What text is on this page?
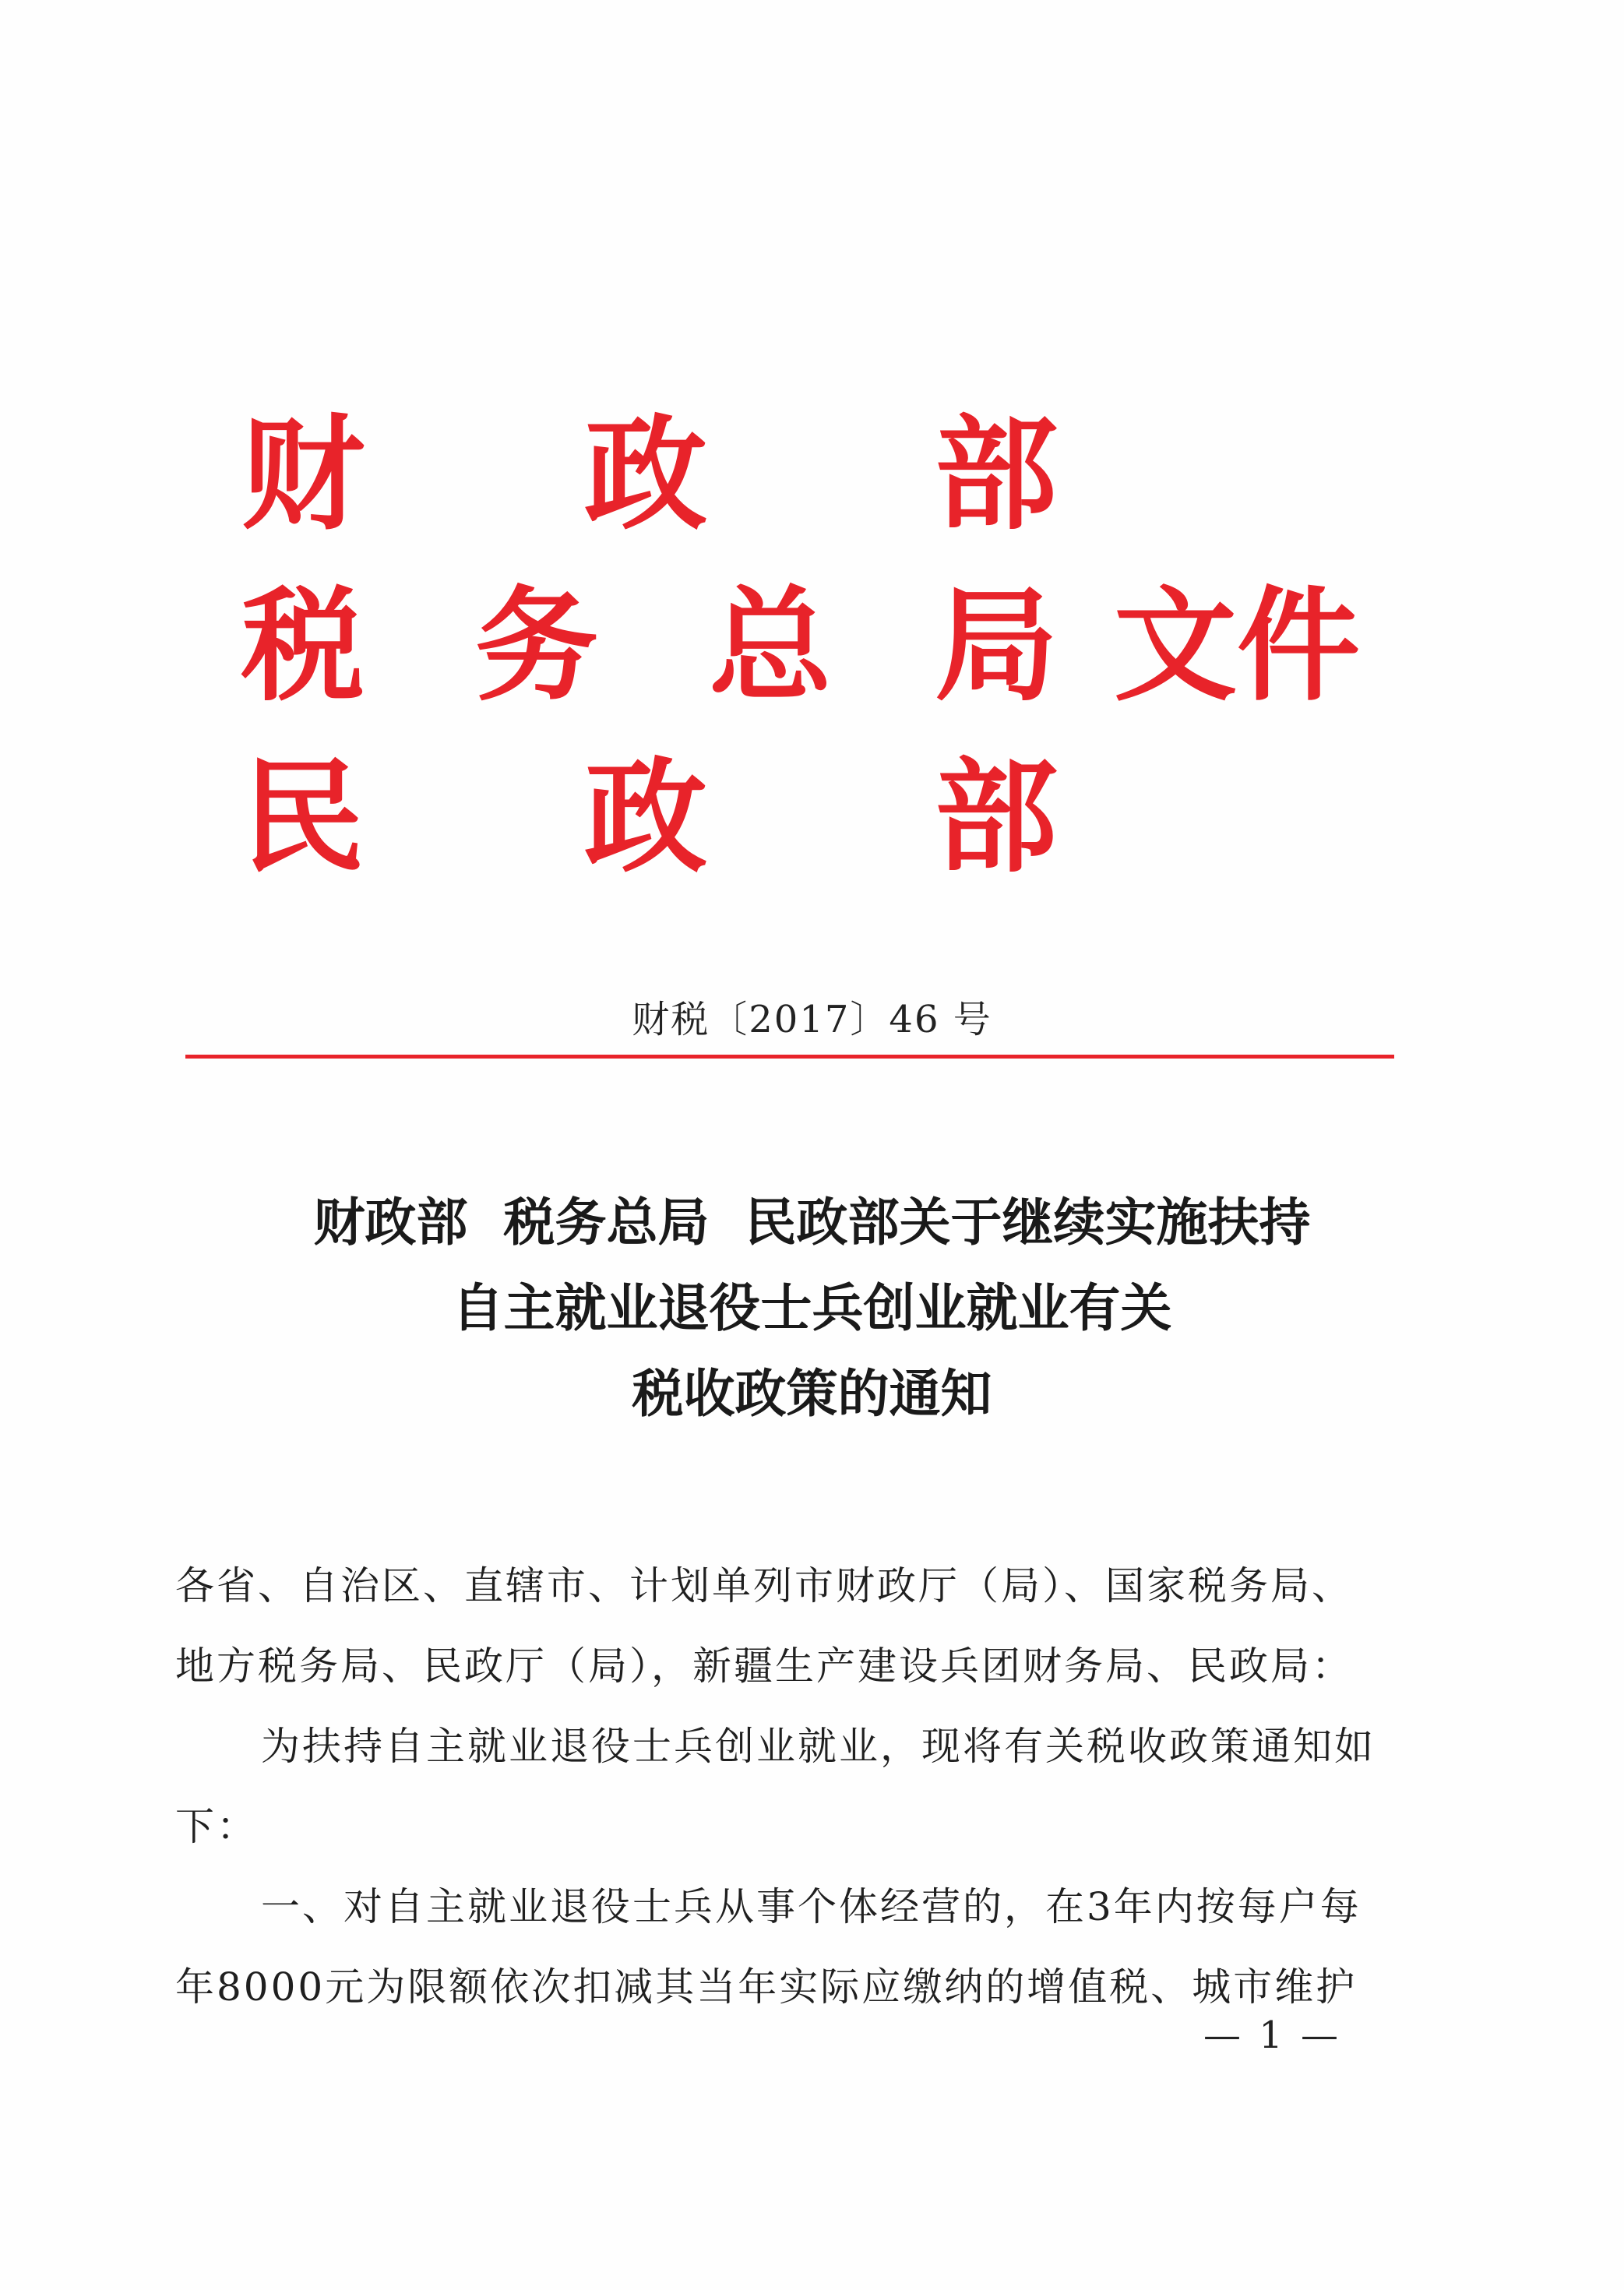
财 政 部
税 务 总 局 文件
民 政 部
财税〔2017〕46 号
财政部  税务总局  民政部关于继续实施扶持
自主就业退役士兵创业就业有关
税收政策的通知

各省、自治区、直辖市、计划单列市财政厅（局）、国家税务局、地方税务局、民政厅（局），新疆生产建设兵团财务局、民政局：

为扶持自主就业退役士兵创业就业，现将有关税收政策通知如下：

一、对自主就业退役士兵从事个体经营的，在3年内按每户每年8000元为限额依次扣减其当年实际应缴纳的增值税、城市维护

— 1 —
